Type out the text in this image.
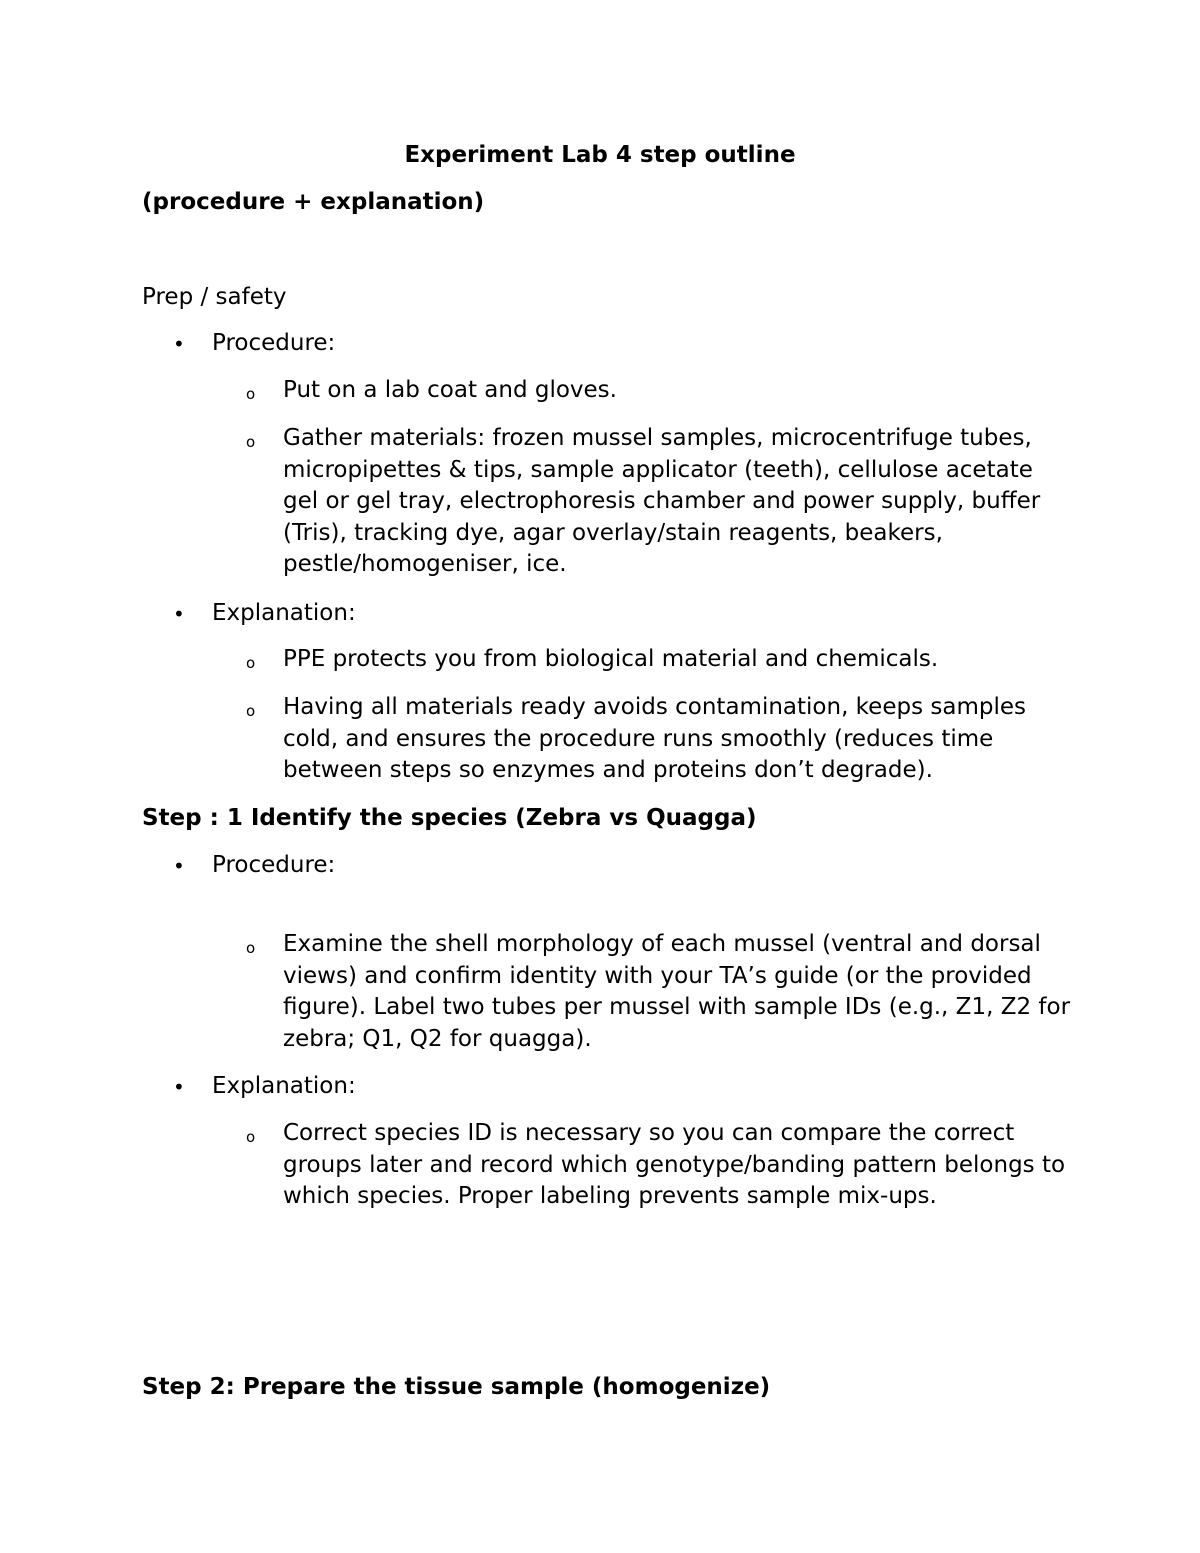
Experiment Lab 4 step outline
(procedure + explanation)
Prep / safety
• Procedure:
o Put on a lab coat and gloves.
o Gather materials: frozen mussel samples, microcentrifuge tubes, micropipettes & tips, sample applicator (teeth), cellulose acetate gel or gel tray, electrophoresis chamber and power supply, buffer (Tris), tracking dye, agar overlay/stain reagents, beakers, pestle/homogeniser, ice.
• Explanation:
o PPE protects you from biological material and chemicals.
o Having all materials ready avoids contamination, keeps samples cold, and ensures the procedure runs smoothly (reduces time between steps so enzymes and proteins don’t degrade).
Step : 1 Identify the species (Zebra vs Quagga)
• Procedure:
o Examine the shell morphology of each mussel (ventral and dorsal views) and confirm identity with your TA’s guide (or the provided figure). Label two tubes per mussel with sample IDs (e.g., Z1, Z2 for zebra; Q1, Q2 for quagga).
• Explanation:
o Correct species ID is necessary so you can compare the correct groups later and record which genotype/banding pattern belongs to which species. Proper labeling prevents sample mix-ups.
Step 2: Prepare the tissue sample (homogenize)
